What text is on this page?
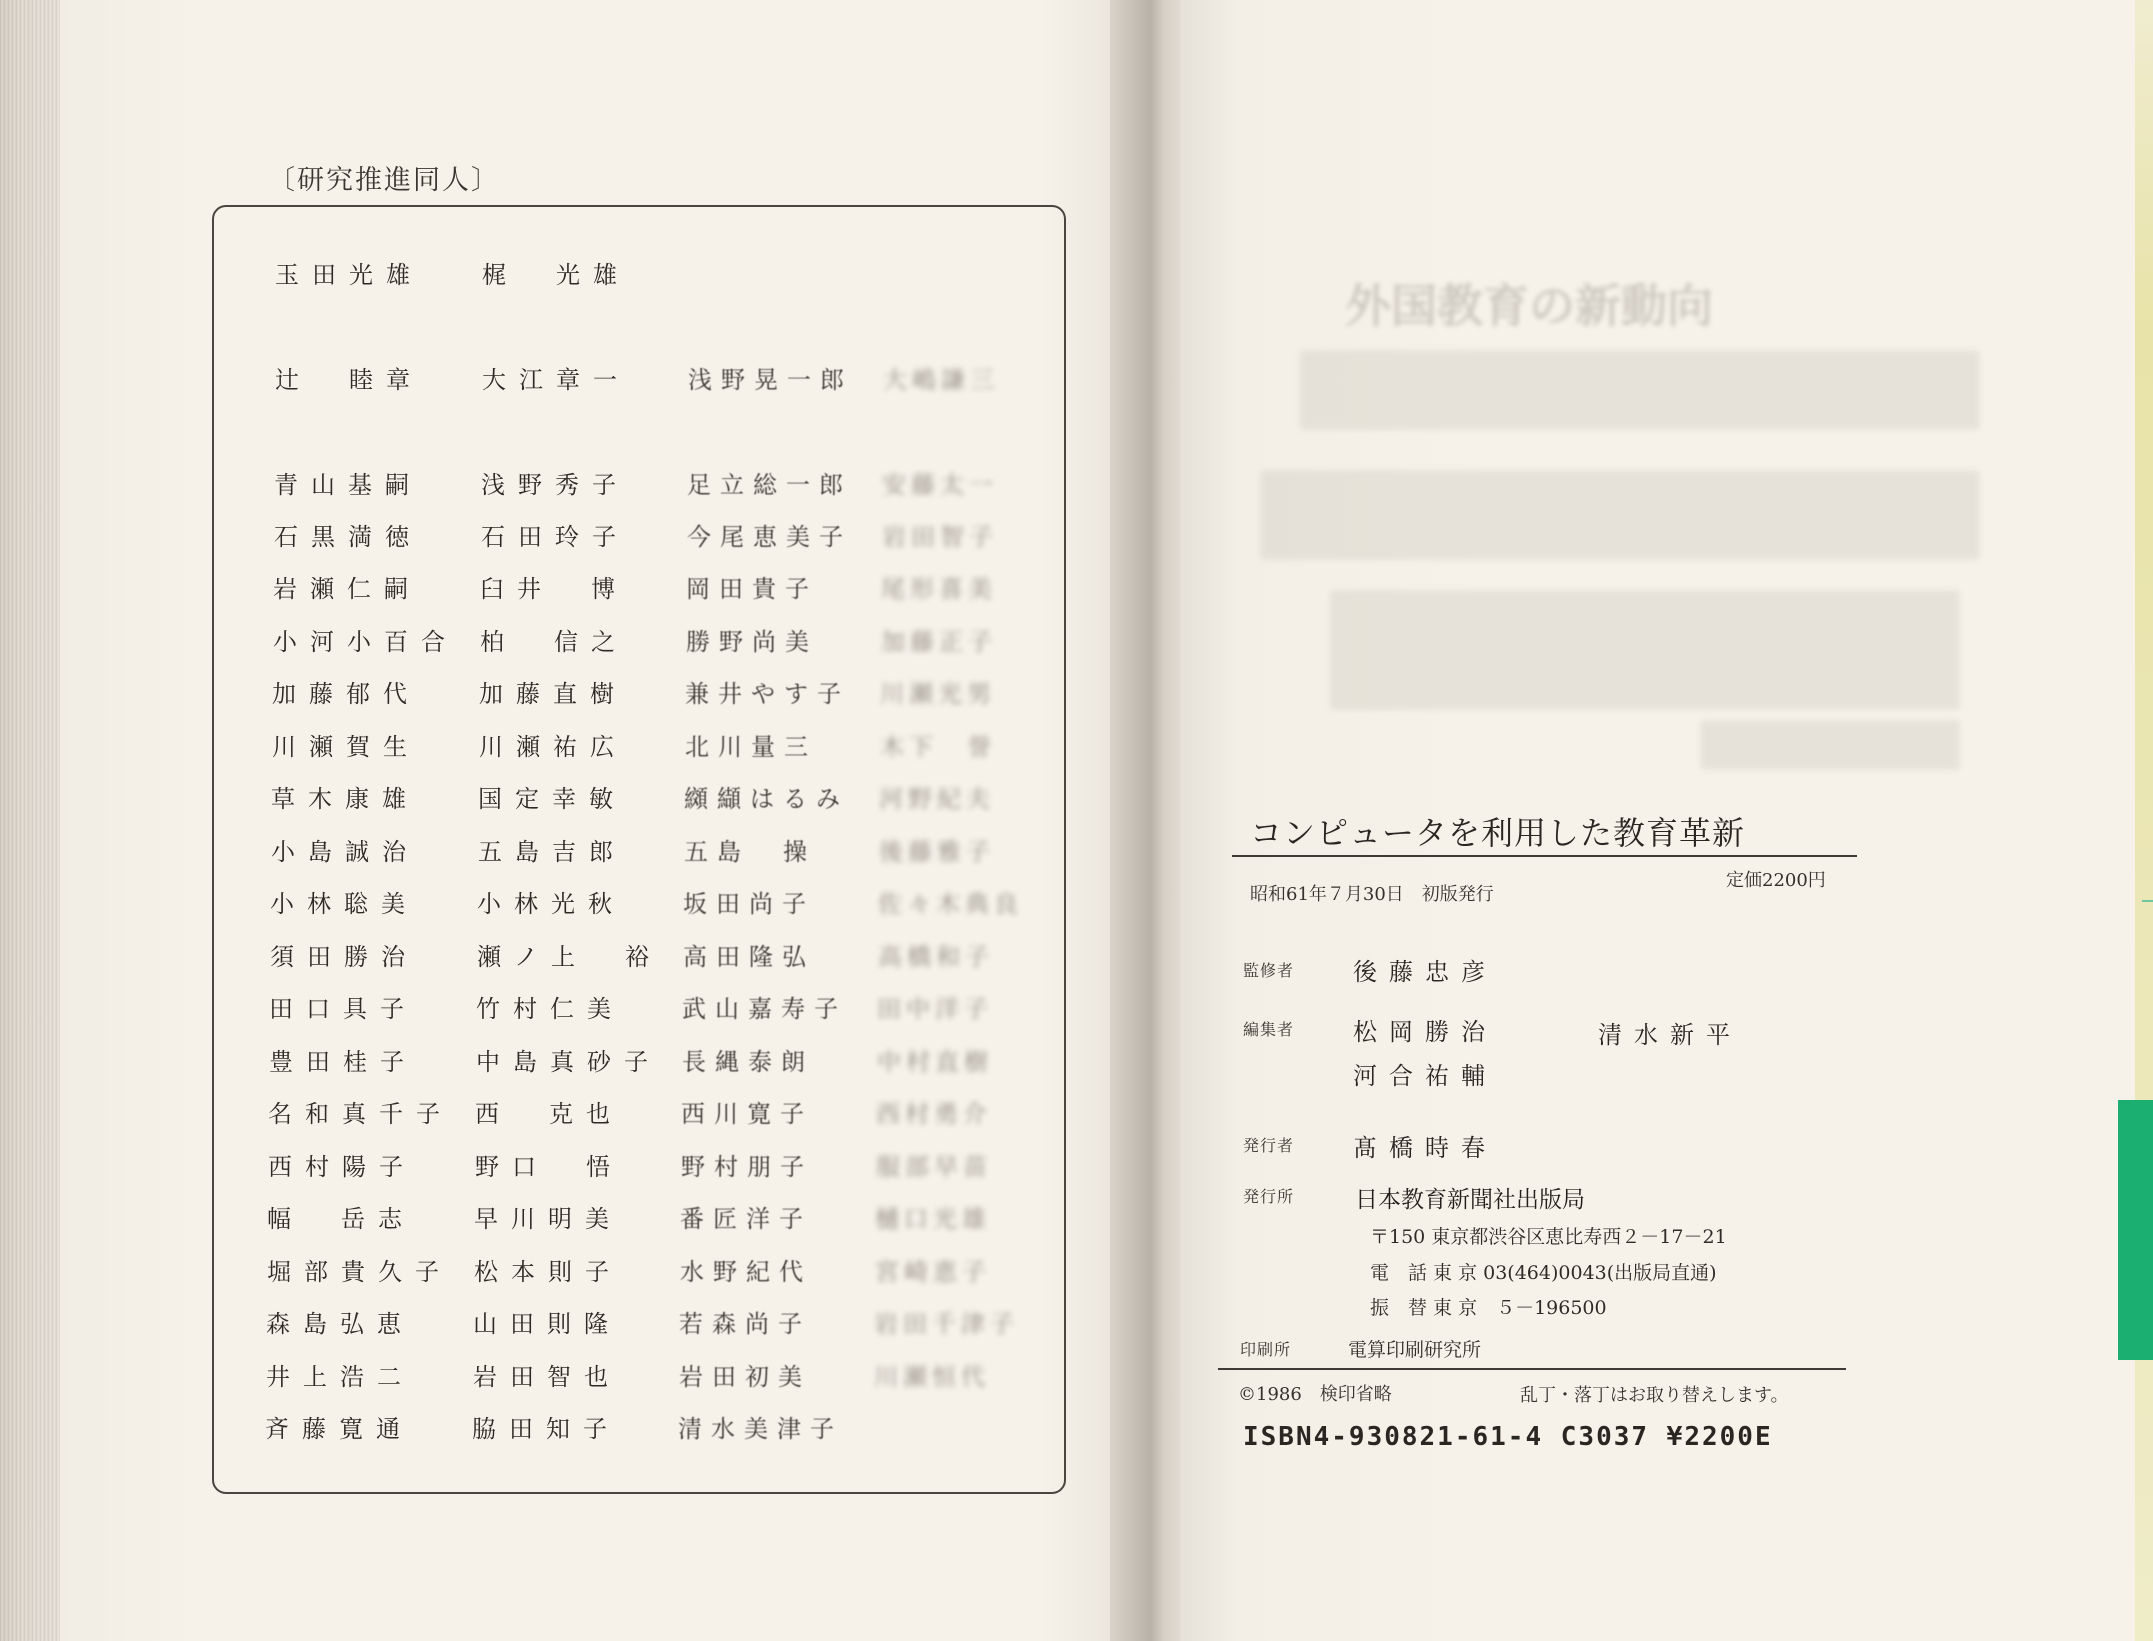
〔研究推進同人〕
玉田光雄 梶　光雄
辻　睦章 大江章一 浅野晃一郎 大嶋謙三
青山基嗣 浅野秀子 足立総一郎 安藤太一
石黒満徳 石田玲子 今尾恵美子 岩田智子
岩瀬仁嗣 臼井　博 岡田貴子	尾形喜美
小河小百合 柏　信之 勝野尚美	加藤正子
加藤郁代 加藤直樹 兼井やす子 川瀬光男
川瀬賀生 川瀬祐広 北川量三	木下　誉
草木康雄 国定幸敏 纐纈はるみ 河野紀夫
小島誠治 五島吉郎 五島　操	後藤雅子
小林聡美 小林光秋 坂田尚子	佐々木典良
須田勝治 瀬ノ上　裕 高田隆弘	高橋和子
田口具子 竹村仁美 武山嘉寿子 田中洋子
豊田桂子 中島真砂子 長縄泰朗	中村直樹
名和真千子 西　克也 西川寛子	西村勇介
西村陽子 野口　悟 野村朋子	服部早苗
幅　岳志 早川明美 番匠洋子	樋口光雄
堀部貴久子 松本則子 水野紀代	宮崎恵子
森島弘恵 山田則隆 若森尚子	岩田千津子
井上浩二 岩田智也 岩田初美	川瀬恒代
斉藤寛通 脇田知子 清水美津子
外国教育の新動向
コンピュータを利用した教育革新
昭和61年７月30日　初版発行
定価2200円
監修者 後藤忠彦
編集者 松岡勝治	清水新平
河合祐輔
発行者 髙橋時春
発行所	日本教育新聞社出版局
〒150 東京都渋谷区恵比寿西２－17－21
電　話 東 京 03(464)0043(出版局直通)
振　替 東 京　５－196500
印刷所	電算印刷研究所
©1986　検印省略	乱丁・落丁はお取り替えします。
ISBN4-930821-61-4 C3037 ¥2200E
